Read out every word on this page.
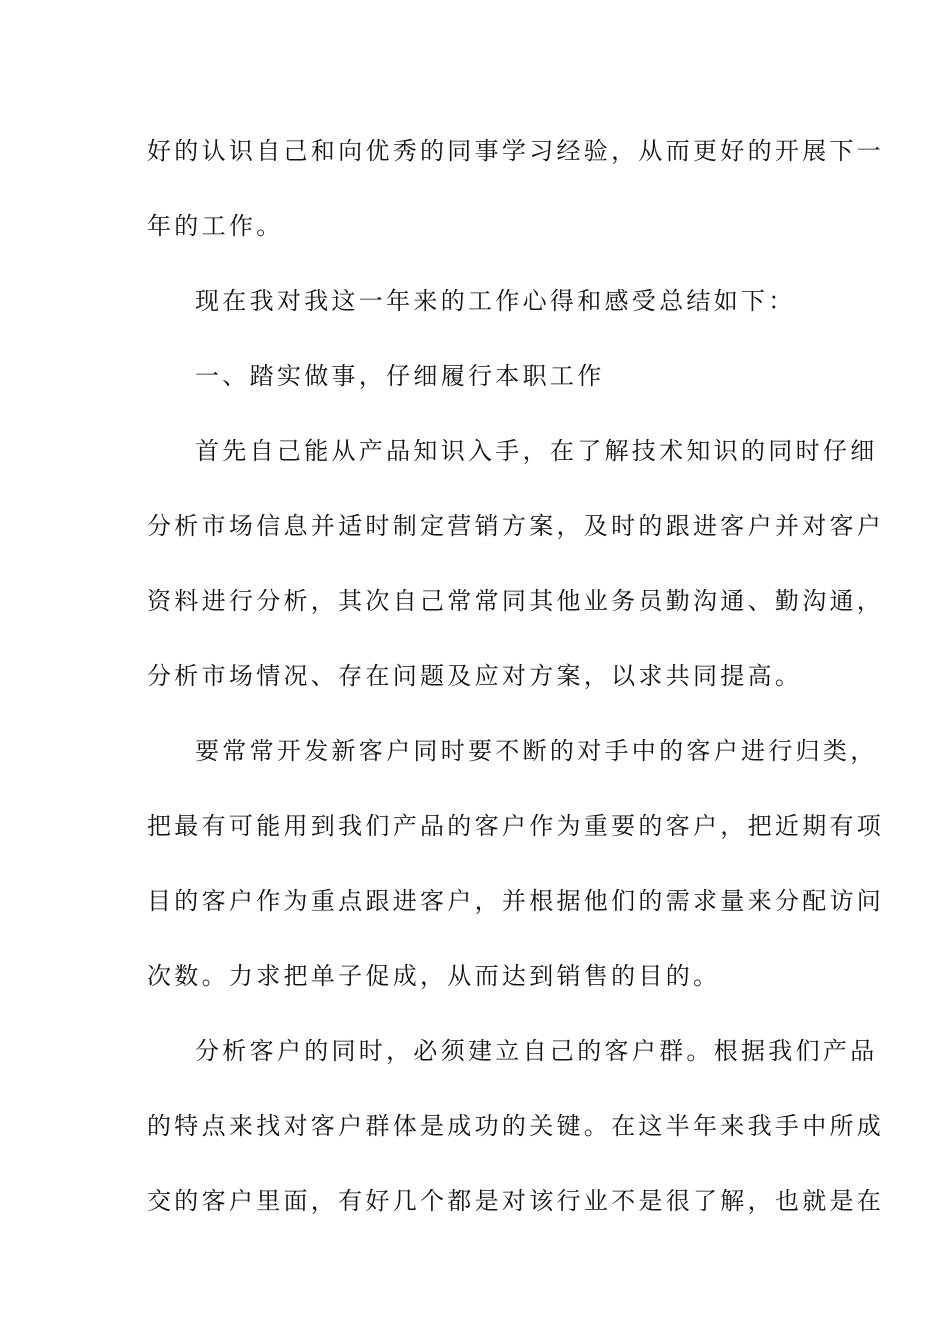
好的认识自己和向优秀的同事学习经验，从而更好的开展下一
年的工作。
现在我对我这一年来的工作心得和感受总结如下：
一、踏实做事，仔细履行本职工作
首先自己能从产品知识入手，在了解技术知识的同时仔细
分析市场信息并适时制定营销方案，及时的跟进客户并对客户
资料进行分析，其次自己常常同其他业务员勤沟通、勤沟通，
分析市场情况、存在问题及应对方案，以求共同提高。
要常常开发新客户同时要不断的对手中的客户进行归类，
把最有可能用到我们产品的客户作为重要的客户，把近期有项
目的客户作为重点跟进客户，并根据他们的需求量来分配访问
次数。力求把单子促成，从而达到销售的目的。
分析客户的同时，必须建立自己的客户群。根据我们产品
的特点来找对客户群体是成功的关键。在这半年来我手中所成
交的客户里面，有好几个都是对该行业不是很了解，也就是在
